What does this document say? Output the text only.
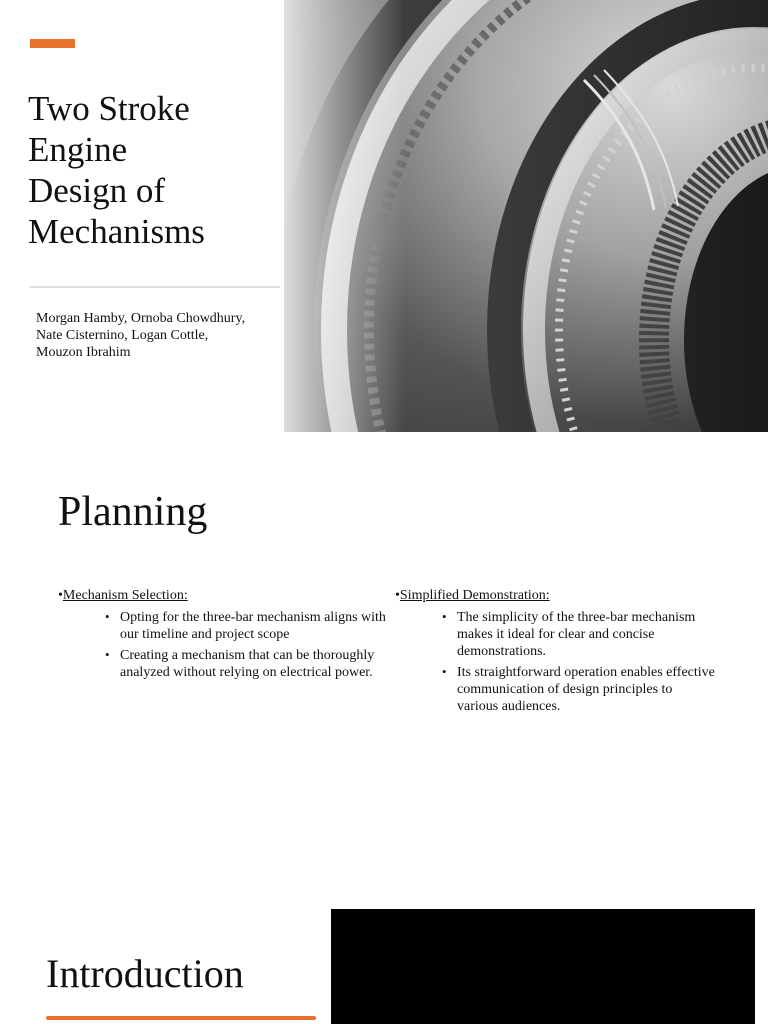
Two Stroke
Engine
Design of
Mechanisms
Morgan Hamby, Ornoba Chowdhury,
Nate Cisternino, Logan Cottle,
Mouzon Ibrahim
Planning
•Mechanism Selection:
• Opting for the three-bar mechanism aligns with our timeline and project scope
• Creating a mechanism that can be thoroughly analyzed without relying on electrical power.
•Simplified Demonstration:
• The simplicity of the three-bar mechanism makes it ideal for clear and concise demonstrations.
• Its straightforward operation enables effective communication of design principles to various audiences.
Introduction
